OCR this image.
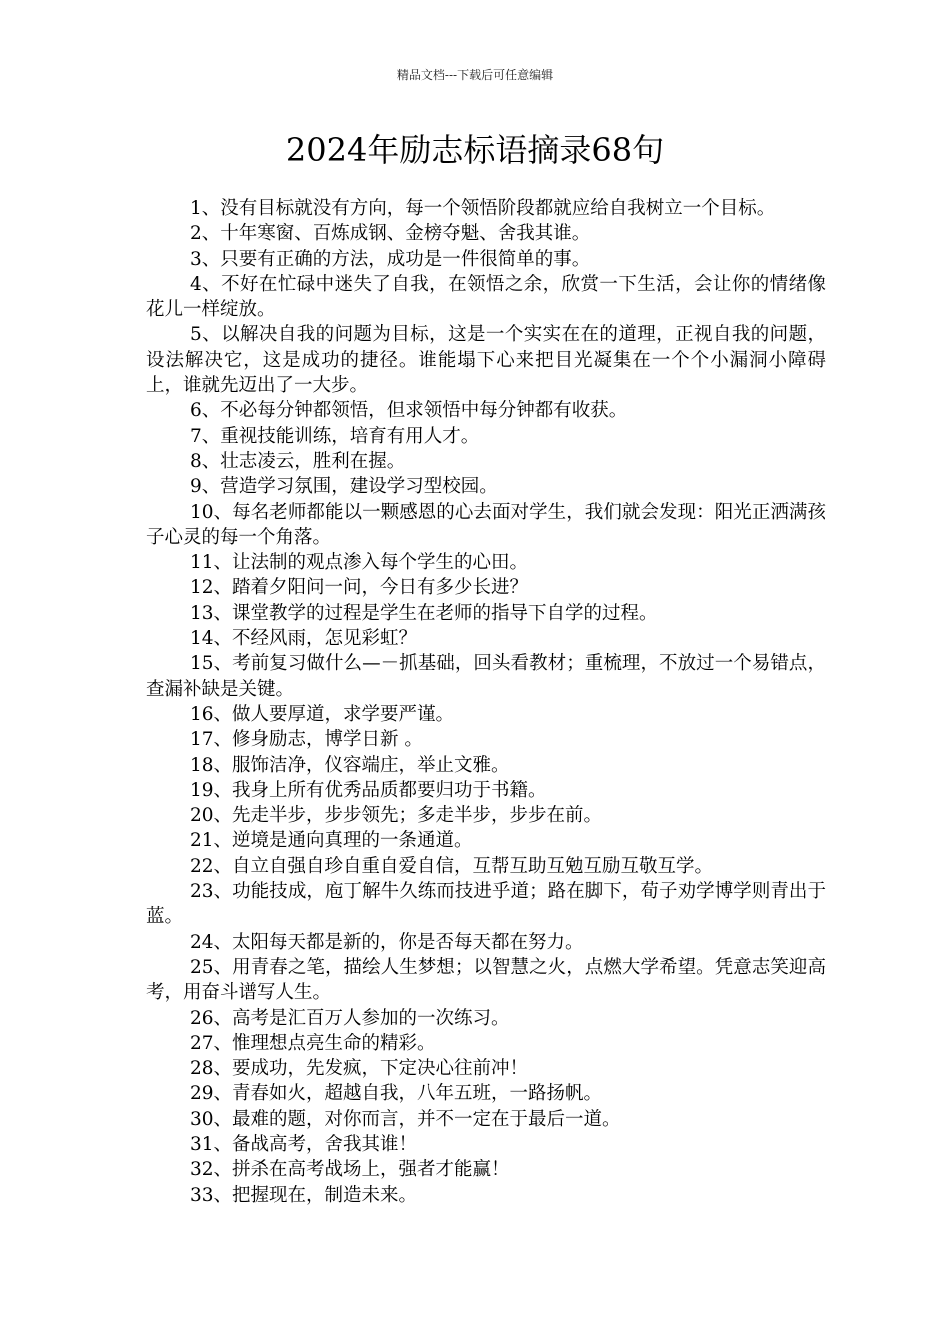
精品文档---下载后可任意编辑
2024年励志标语摘录68句

1、没有目标就没有方向，每一个领悟阶段都就应给自我树立一个目标。

2、十年寒窗、百炼成钢、金榜夺魁、舍我其谁。

3、只要有正确的方法，成功是一件很简单的事。

4、不好在忙碌中迷失了自我，在领悟之余，欣赏一下生活，会让你的情绪像花儿一样绽放。

5、以解决自我的问题为目标，这是一个实实在在的道理，正视自我的问题，设法解决它，这是成功的捷径。谁能塌下心来把目光凝集在一个个小漏洞小障碍上，谁就先迈出了一大步。

6、不必每分钟都领悟，但求领悟中每分钟都有收获。

7、重视技能训练，培育有用人才。

8、壮志凌云，胜利在握。

9、营造学习氛围，建设学习型校园。

10、每名老师都能以一颗感恩的心去面对学生，我们就会发现：阳光正洒满孩子心灵的每一个角落。

11、让法制的观点渗入每个学生的心田。

12、踏着夕阳问一问，今日有多少长进？

13、课堂教学的过程是学生在老师的指导下自学的过程。

14、不经风雨，怎见彩虹？

15、考前复习做什么—－抓基础，回头看教材；重梳理，不放过一个易错点，查漏补缺是关键。

16、做人要厚道，求学要严谨。

17、修身励志，博学日新 。

18、服饰洁净，仪容端庄，举止文雅。

19、我身上所有优秀品质都要归功于书籍。

20、先走半步，步步领先；多走半步，步步在前。

21、逆境是通向真理的一条通道。

22、自立自强自珍自重自爱自信，互帮互助互勉互励互敬互学。

23、功能技成，庖丁解牛久练而技进乎道；路在脚下，荀子劝学博学则青出于蓝。

24、太阳每天都是新的，你是否每天都在努力。

25、用青春之笔，描绘人生梦想；以智慧之火，点燃大学希望。凭意志笑迎高考，用奋斗谱写人生。

26、高考是汇百万人参加的一次练习。

27、惟理想点亮生命的精彩。

28、要成功，先发疯，下定决心往前冲！

29、青春如火，超越自我，八年五班，一路扬帆。

30、最难的题，对你而言，并不一定在于最后一道。

31、备战高考，舍我其谁！

32、拼杀在高考战场上，强者才能赢！

33、把握现在，制造未来。
